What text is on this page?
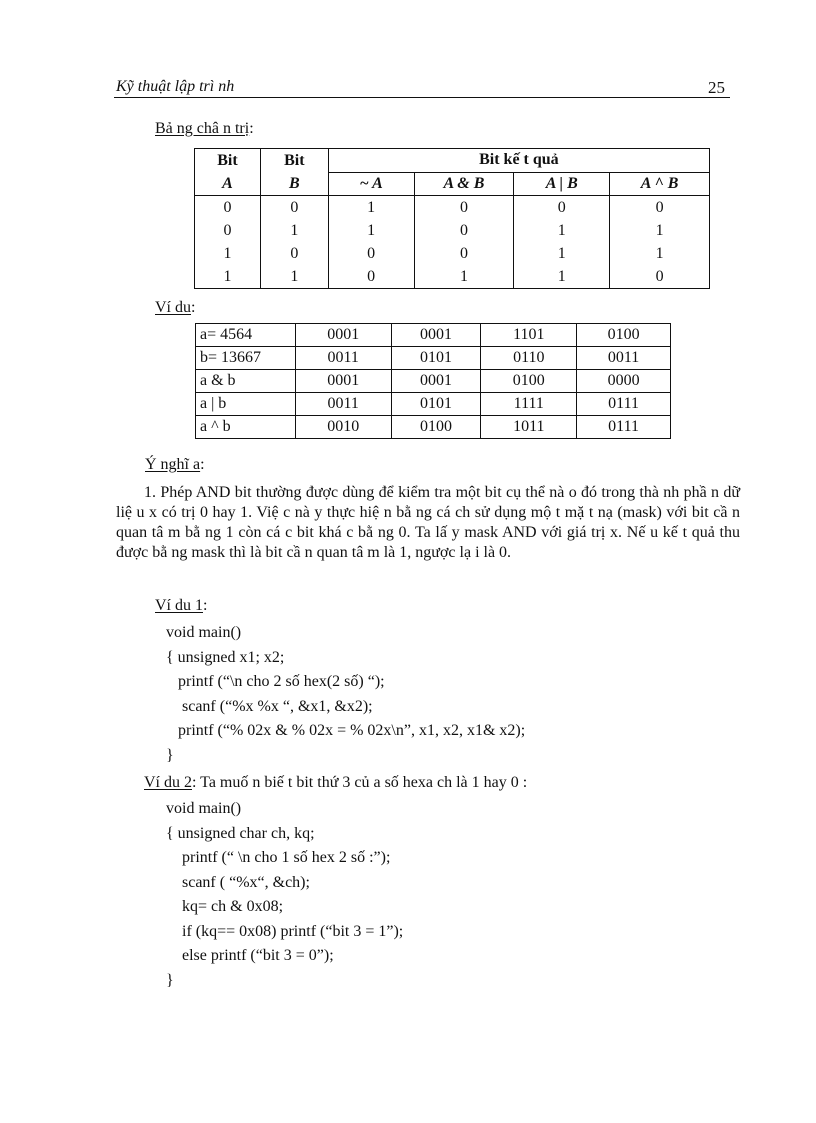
Kỹ thuật lập trì nh	25
Bả ng châ n trị:
Bit	Bit	Bit kế t quả			
A	B	~ A	A & B	A | B	A ^ B
0	0	1	0	0	0
0	1	1	0	1	1
1	0	0	0	1	1
1	1	0	1	1	0
Ví du:
a= 4564	0001	0001	1101	0100
b= 13667	0011	0101	0110	0011
a & b	0001	0001	0100	0000
a | b	0011	0101	1111	0111
a ^ b	0010	0100	1011	0111
Ý nghĩ a:
1. Phép AND bit thường được dùng để kiểm tra một bit cụ thể nà o đó trong thà nh phầ n dữ liệ u x có trị 0 hay 1. Việ c nà y thực hiệ n bằ ng cá ch sử dụng mộ t mặ t nạ (mask) với bit cầ n quan tâ m bằ ng 1 còn cá c bit khá c bằ ng 0. Ta lấ y mask AND với giá trị x. Nế u kế t quả thu được bằ ng mask thì là bit cầ n quan tâ m là 1, ngược lạ i là 0.
Ví du 1:
void main()
{ unsigned x1; x2;
printf (“\n cho 2 số hex(2 số) “);
scanf (“%x %x “, &x1, &x2);
printf (“% 02x & % 02x = % 02x\n”, x1, x2, x1& x2);
}
Ví du 2: Ta muố n biế t bit thứ 3 củ a số hexa ch là 1 hay 0 :
void main()
{ unsigned char ch, kq;
printf (“ \n cho 1 số hex 2 số :”);
scanf ( “%x“, &ch);
kq= ch & 0x08;
if (kq== 0x08) printf (“bit 3 = 1”);
else printf (“bit 3 = 0”);
}
